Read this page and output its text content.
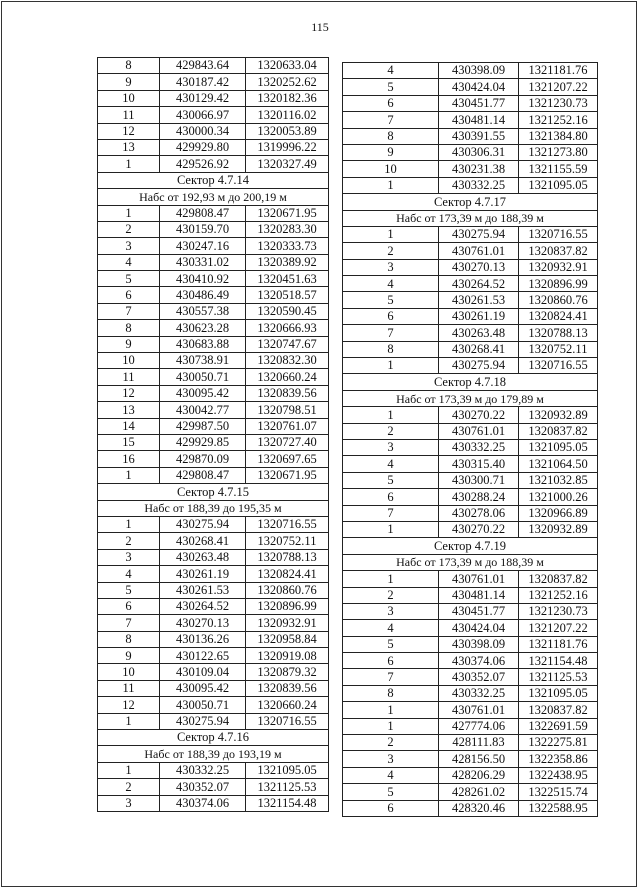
115
8	429843.64	1320633.04
9	430187.42	1320252.62
10	430129.42	1320182.36
11	430066.97	1320116.02
12	430000.34	1320053.89
13	429929.80	1319996.22
1	429526.92	1320327.49
Сектор 4.7.14
Набс от 192,93 м до 200,19 м
1	429808.47	1320671.95
2	430159.70	1320283.30
3	430247.16	1320333.73
4	430331.02	1320389.92
5	430410.92	1320451.63
6	430486.49	1320518.57
7	430557.38	1320590.45
8	430623.28	1320666.93
9	430683.88	1320747.67
10	430738.91	1320832.30
11	430050.71	1320660.24
12	430095.42	1320839.56
13	430042.77	1320798.51
14	429987.50	1320761.07
15	429929.85	1320727.40
16	429870.09	1320697.65
1	429808.47	1320671.95
Сектор 4.7.15
Набс от 188,39 до 195,35 м
1	430275.94	1320716.55
2	430268.41	1320752.11
3	430263.48	1320788.13
4	430261.19	1320824.41
5	430261.53	1320860.76
6	430264.52	1320896.99
7	430270.13	1320932.91
8	430136.26	1320958.84
9	430122.65	1320919.08
10	430109.04	1320879.32
11	430095.42	1320839.56
12	430050.71	1320660.24
1	430275.94	1320716.55
Сектор 4.7.16
Набс от 188,39 до 193,19 м
1	430332.25	1321095.05
2	430352.07	1321125.53
3	430374.06	1321154.48
4	430398.09	1321181.76
5	430424.04	1321207.22
6	430451.77	1321230.73
7	430481.14	1321252.16
8	430391.55	1321384.80
9	430306.31	1321273.80
10	430231.38	1321155.59
1	430332.25	1321095.05
Сектор 4.7.17
Набс от 173,39 м до 188,39 м
1	430275.94	1320716.55
2	430761.01	1320837.82
3	430270.13	1320932.91
4	430264.52	1320896.99
5	430261.53	1320860.76
6	430261.19	1320824.41
7	430263.48	1320788.13
8	430268.41	1320752.11
1	430275.94	1320716.55
Сектор 4.7.18
Набс от 173,39 м до 179,89 м
1	430270.22	1320932.89
2	430761.01	1320837.82
3	430332.25	1321095.05
4	430315.40	1321064.50
5	430300.71	1321032.85
6	430288.24	1321000.26
7	430278.06	1320966.89
1	430270.22	1320932.89
Сектор 4.7.19
Набс от 173,39 м до 188,39 м
1	430761.01	1320837.82
2	430481.14	1321252.16
3	430451.77	1321230.73
4	430424.04	1321207.22
5	430398.09	1321181.76
6	430374.06	1321154.48
7	430352.07	1321125.53
8	430332.25	1321095.05
1	430761.01	1320837.82
1	427774.06	1322691.59
2	428111.83	1322275.81
3	428156.50	1322358.86
4	428206.29	1322438.95
5	428261.02	1322515.74
6	428320.46	1322588.95
